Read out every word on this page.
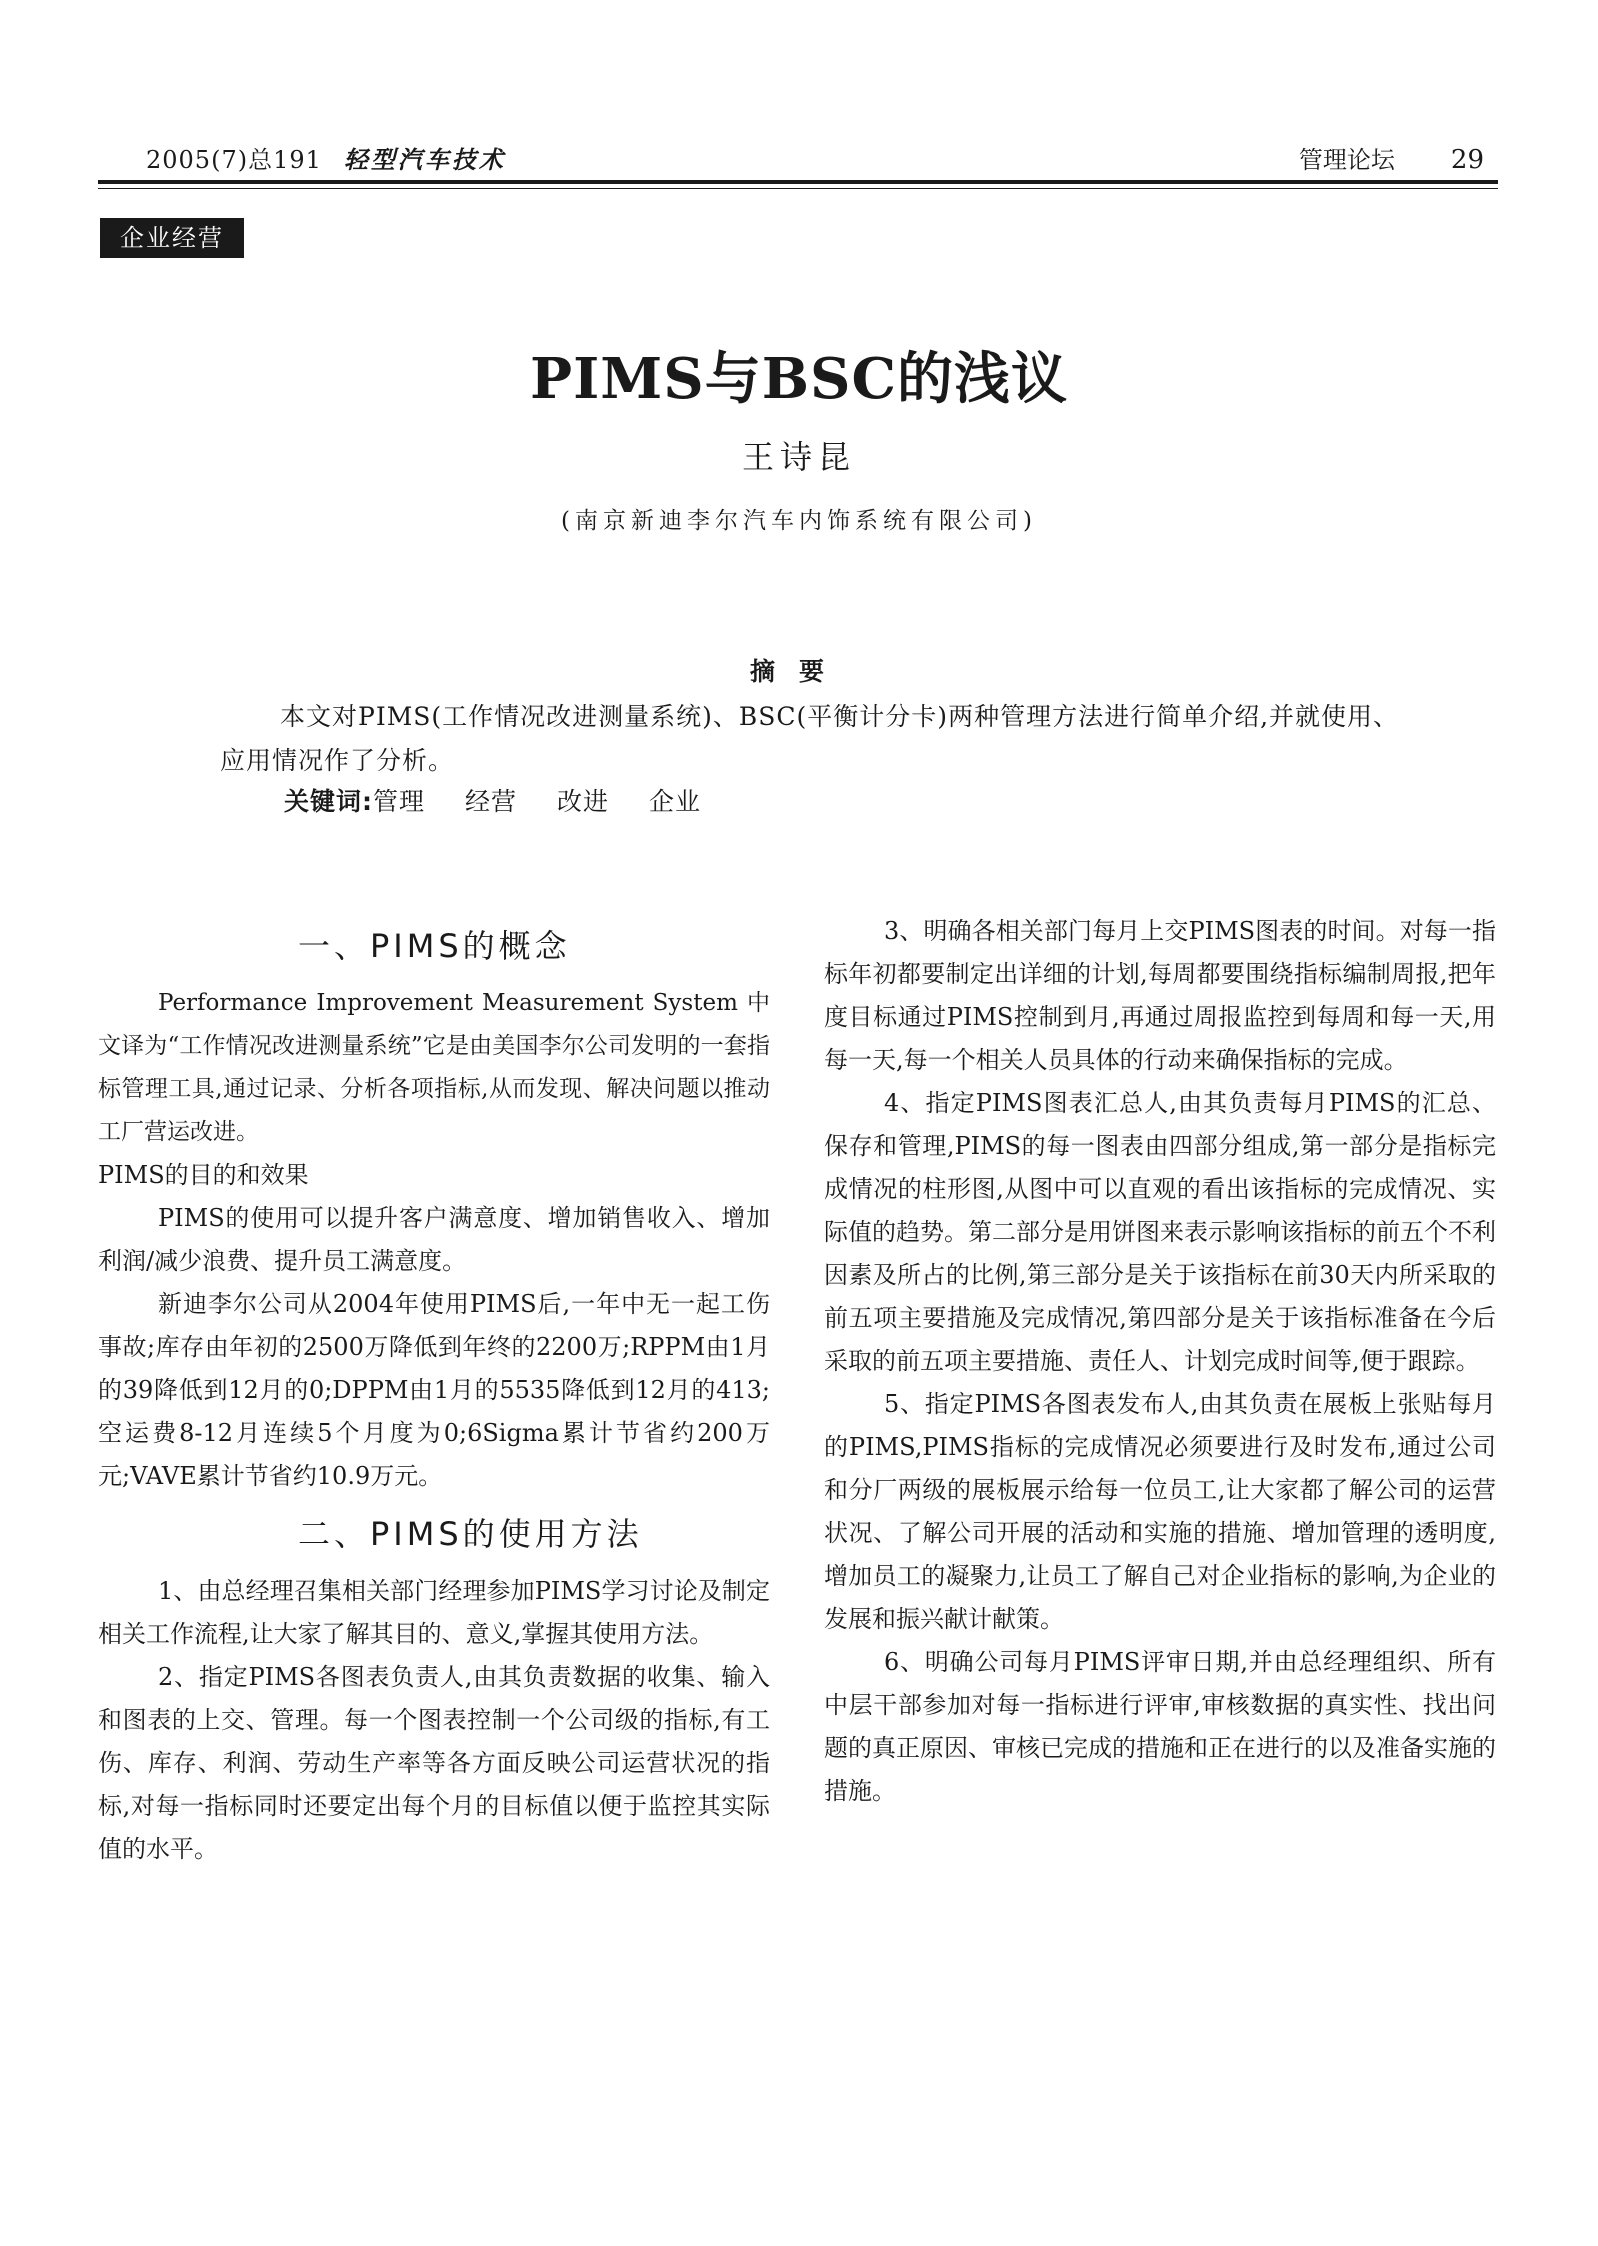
2005(7)总191 轻型汽车技术	管理论坛 29
企业经营
PIMS与BSC的浅议
王诗昆
(南京新迪李尔汽车内饰系统有限公司)
摘要
本文对PIMS(工作情况改进测量系统)、BSC(平衡计分卡)两种管理方法进行简单介绍,并就使用、应用情况作了分析。
关键词:管理 经营 改进 企业
一、PIMS的概念

Performance Improvement Measurement System 中文译为“工作情况改进测量系统”它是由美国李尔公司发明的一套指标管理工具,通过记录、分析各项指标,从而发现、解决问题以推动工厂营运改进。

PIMS的目的和效果

PIMS的使用可以提升客户满意度、增加销售收入、增加利润/减少浪费、提升员工满意度。

新迪李尔公司从2004年使用PIMS后,一年中无一起工伤事故;库存由年初的2500万降低到年终的2200万;RPPM由1月的39降低到12月的0;DPPM由1月的5535降低到12月的413;空运费8-12月连续5个月度为0;6Sigma累计节省约200万元;VAVE累计节省约10.9万元。

二、PIMS的使用方法

1、由总经理召集相关部门经理参加PIMS学习讨论及制定相关工作流程,让大家了解其目的、意义,掌握其使用方法。

2、指定PIMS各图表负责人,由其负责数据的收集、输入和图表的上交、管理。每一个图表控制一个公司级的指标,有工伤、库存、利润、劳动生产率等各方面反映公司运营状况的指标,对每一指标同时还要定出每个月的目标值以便于监控其实际值的水平。

3、明确各相关部门每月上交PIMS图表的时间。对每一指标年初都要制定出详细的计划,每周都要围绕指标编制周报,把年度目标通过PIMS控制到月,再通过周报监控到每周和每一天,用每一天,每一个相关人员具体的行动来确保指标的完成。

4、指定PIMS图表汇总人,由其负责每月PIMS的汇总、保存和管理,PIMS的每一图表由四部分组成,第一部分是指标完成情况的柱形图,从图中可以直观的看出该指标的完成情况、实际值的趋势。第二部分是用饼图来表示影响该指标的前五个不利因素及所占的比例,第三部分是关于该指标在前30天内所采取的前五项主要措施及完成情况,第四部分是关于该指标准备在今后采取的前五项主要措施、责任人、计划完成时间等,便于跟踪。

5、指定PIMS各图表发布人,由其负责在展板上张贴每月的PIMS,PIMS指标的完成情况必须要进行及时发布,通过公司和分厂两级的展板展示给每一位员工,让大家都了解公司的运营状况、了解公司开展的活动和实施的措施、增加管理的透明度,增加员工的凝聚力,让员工了解自己对企业指标的影响,为企业的发展和振兴献计献策。

6、明确公司每月PIMS评审日期,并由总经理组织、所有中层干部参加对每一指标进行评审,审核数据的真实性、找出问题的真正原因、审核已完成的措施和正在进行的以及准备实施的措施。
